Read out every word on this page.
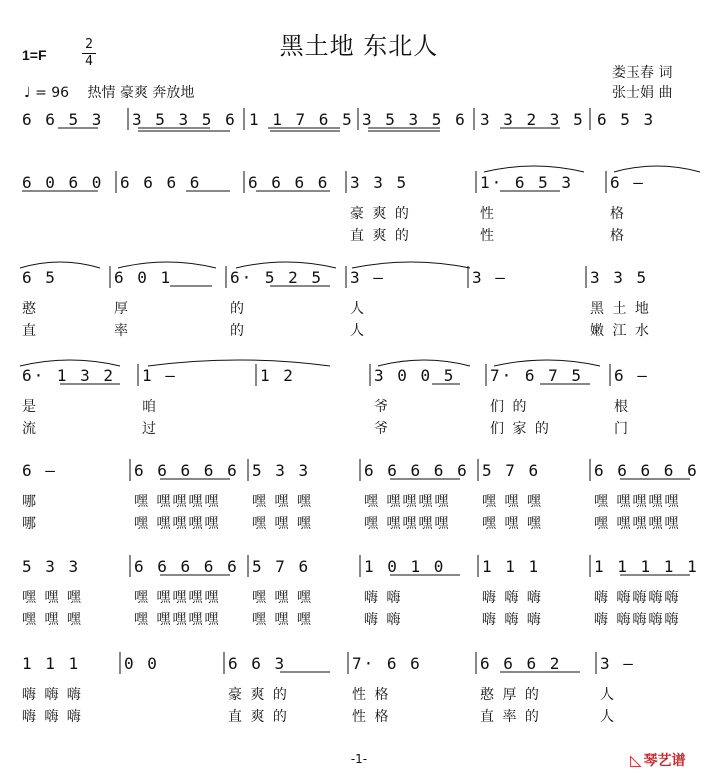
黑土地 东北人
1=F
2
4
♩ = 96 热情 豪爽 奔放地
娄玉春 词
张士娟 曲
6 6 5 3 3 5 3 5 6 1 1 7 6 5 3 5 3 5 6 3 3 2 3 5 6 5 3
6 0 6 0 6 6 6 6	6 6 6 6 3 3 5	1· 6 5 3 6 –
豪 爽 的	性	格
直 爽 的	性	格
6 5	6 0 1	6· 5 2 5 3 –	3 –	3 3 5
憨	厚	的	人	黑 土 地
直	率	的	人	嫩 江 水
6· 1 3 2 1 –	1 2	3 0 0 5 7· 6 7 5 6 –
是	咱	爷	们 的	根
流	过	爷	们 家 的	门
6 –	6 6 6 6 6 5 3 3	6 6 6 6 6 5 7 6	6 6 6 6 6
哪	嘿 嘿嘿嘿嘿 嘿 嘿 嘿	嘿 嘿嘿嘿嘿 嘿 嘿 嘿	嘿 嘿嘿嘿嘿
哪	嘿 嘿嘿嘿嘿 嘿 嘿 嘿	嘿 嘿嘿嘿嘿 嘿 嘿 嘿	嘿 嘿嘿嘿嘿
5 3 3	6 6 6 6 6 5 7 6	1 0 1 0 1 1 1	1 1 1 1 1
嘿 嘿 嘿	嘿 嘿嘿嘿嘿 嘿 嘿 嘿	嗨 嗨	嗨 嗨 嗨	嗨 嗨嗨嗨嗨
嘿 嘿 嘿	嘿 嘿嘿嘿嘿 嘿 嘿 嘿	嗨 嗨	嗨 嗨 嗨	嗨 嗨嗨嗨嗨
1 1 1	0 0	6 6 3	7· 6 6	6 6 6 2 3 –
嗨 嗨 嗨	豪 爽 的	性 格	憨 厚 的	人
嗨 嗨 嗨	直 爽 的	性 格	直 率 的	人
-1-	◺ 琴艺谱
